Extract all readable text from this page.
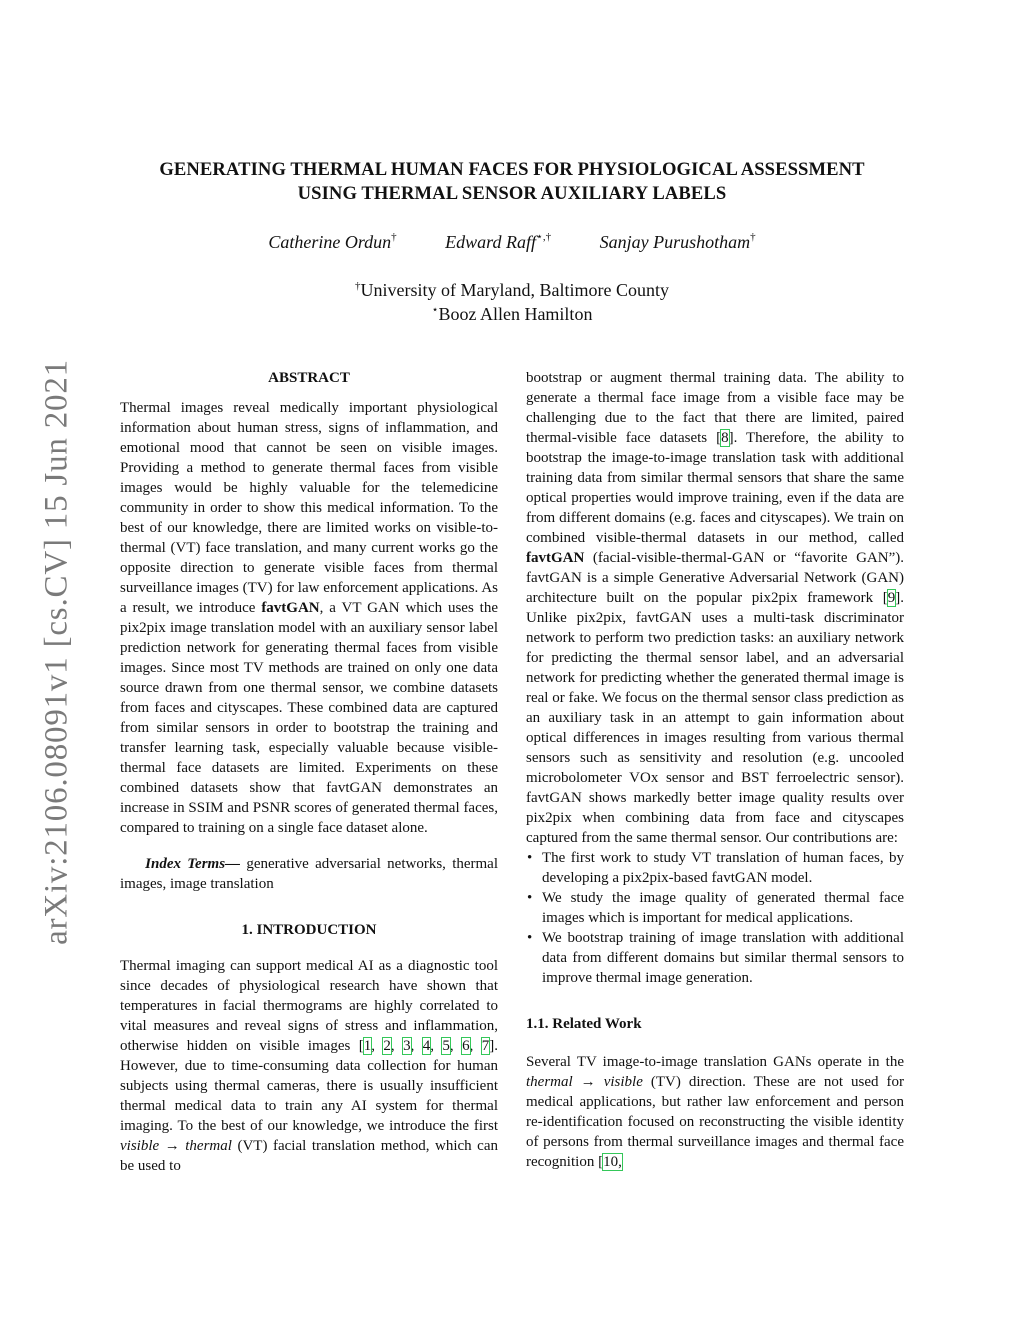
arXiv:2106.08091v1 [cs.CV] 15 Jun 2021
GENERATING THERMAL HUMAN FACES FOR PHYSIOLOGICAL ASSESSMENT
USING THERMAL SENSOR AUXILIARY LABELS
Catherine Ordun†	Edward Raff⋆,†	Sanjay Purushotham†
†University of Maryland, Baltimore County
⋆Booz Allen Hamilton
ABSTRACT

Thermal images reveal medically important physiological information about human stress, signs of inflammation, and emotional mood that cannot be seen on visible images. Providing a method to generate thermal faces from visible images would be highly valuable for the telemedicine community in order to show this medical information. To the best of our knowledge, there are limited works on visible-to-thermal (VT) face translation, and many current works go the opposite direction to generate visible faces from thermal surveillance images (TV) for law enforcement applications. As a result, we introduce favtGAN, a VT GAN which uses the pix2pix image translation model with an auxiliary sensor label prediction network for generating thermal faces from visible images. Since most TV methods are trained on only one data source drawn from one thermal sensor, we combine datasets from faces and cityscapes. These combined data are captured from similar sensors in order to bootstrap the training and transfer learning task, especially valuable because visible-thermal face datasets are limited. Experiments on these combined datasets show that favtGAN demonstrates an increase in SSIM and PSNR scores of generated thermal faces, compared to training on a single face dataset alone.

Index Terms— generative adversarial networks, thermal images, image translation

1. INTRODUCTION

Thermal imaging can support medical AI as a diagnostic tool since decades of physiological research have shown that temperatures in facial thermograms are highly correlated to vital measures and reveal signs of stress and inflammation, otherwise hidden on visible images [1, 2, 3, 4, 5, 6, 7]. However, due to time-consuming data collection for human subjects using thermal cameras, there is usually insufficient thermal medical data to train any AI system for thermal imaging. To the best of our knowledge, we introduce the first visible → thermal (VT) facial translation method, which can be used to

bootstrap or augment thermal training data. The ability to generate a thermal face image from a visible face may be challenging due to the fact that there are limited, paired thermal-visible face datasets [8]. Therefore, the ability to bootstrap the image-to-image translation task with additional training data from similar thermal sensors that share the same optical properties would improve training, even if the data are from different domains (e.g. faces and cityscapes). We train on combined visible-thermal datasets in our method, called favtGAN (facial-visible-thermal-GAN or “favorite GAN”). favtGAN is a simple Generative Adversarial Network (GAN) architecture built on the popular pix2pix framework [9]. Unlike pix2pix, favtGAN uses a multi-task discriminator network to perform two prediction tasks: an auxiliary network for predicting the thermal sensor label, and an adversarial network for predicting whether the generated thermal image is real or fake. We focus on the thermal sensor class prediction as an auxiliary task in an attempt to gain information about optical differences in images resulting from various thermal sensors such as sensitivity and resolution (e.g. uncooled microbolometer VOx sensor and BST ferroelectric sensor). favtGAN shows markedly better image quality results over pix2pix when combining data from face and cityscapes captured from the same thermal sensor. Our contributions are:

• The first work to study VT translation of human faces, by developing a pix2pix-based favtGAN model.
• We study the image quality of generated thermal face images which is important for medical applications.
• We bootstrap training of image translation with additional data from different domains but similar thermal sensors to improve thermal image generation.
1.1. Related Work

Several TV image-to-image translation GANs operate in the thermal → visible (TV) direction. These are not used for medical applications, but rather law enforcement and person re-identification focused on reconstructing the visible identity of persons from thermal surveillance images and thermal face recognition [10,
